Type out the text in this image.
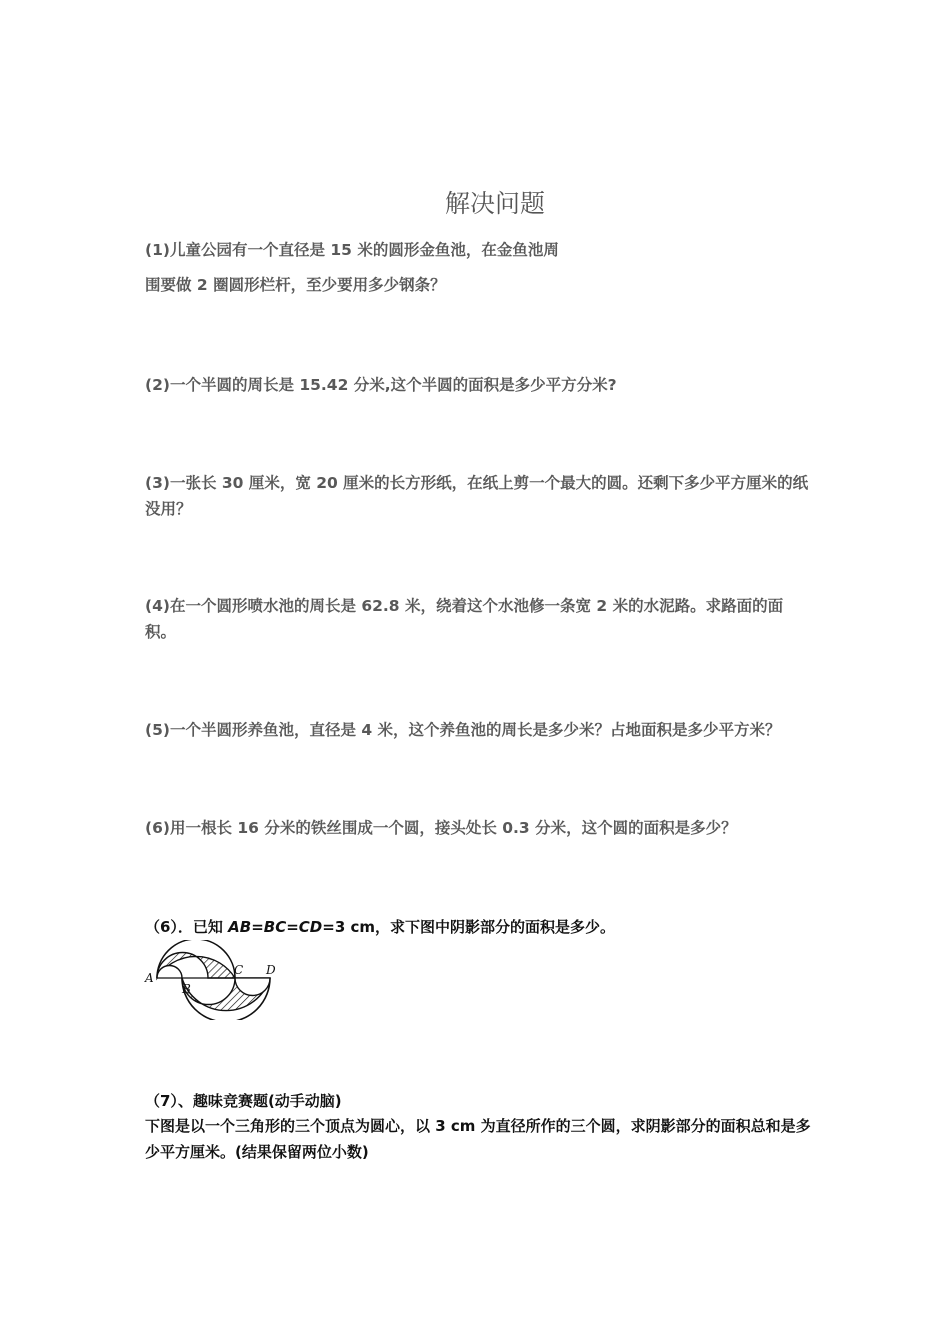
解决问题

(1)儿童公园有一个直径是 15 米的圆形金鱼池，在金鱼池周

围要做 2 圈圆形栏杆，至少要用多少钢条？

(2)一个半圆的周长是 15.42 分米,这个半圆的面积是多少平方分米?

(3)一张长 30 厘米，宽 20 厘米的长方形纸，在纸上剪一个最大的圆。还剩下多少平方厘米的纸没用？

(4)在一个圆形喷水池的周长是 62.8 米，绕着这个水池修一条宽 2 米的水泥路。求路面的面积。

(5)一个半圆形养鱼池，直径是 4 米，这个养鱼池的周长是多少米？占地面积是多少平方米？

(6)用一根长 16 分米的铁丝围成一个圆，接头处长 0.3 分米，这个圆的面积是多少？

（6）．已知 AB=BC=CD=3 cm，求下图中阴影部分的面积是多少。

A
B
C D

（7）、趣味竞赛题(动手动脑)

下图是以一个三角形的三个顶点为圆心，以 3 cm 为直径所作的三个圆，求阴影部分的面积总和是多少平方厘米。(结果保留两位小数)
